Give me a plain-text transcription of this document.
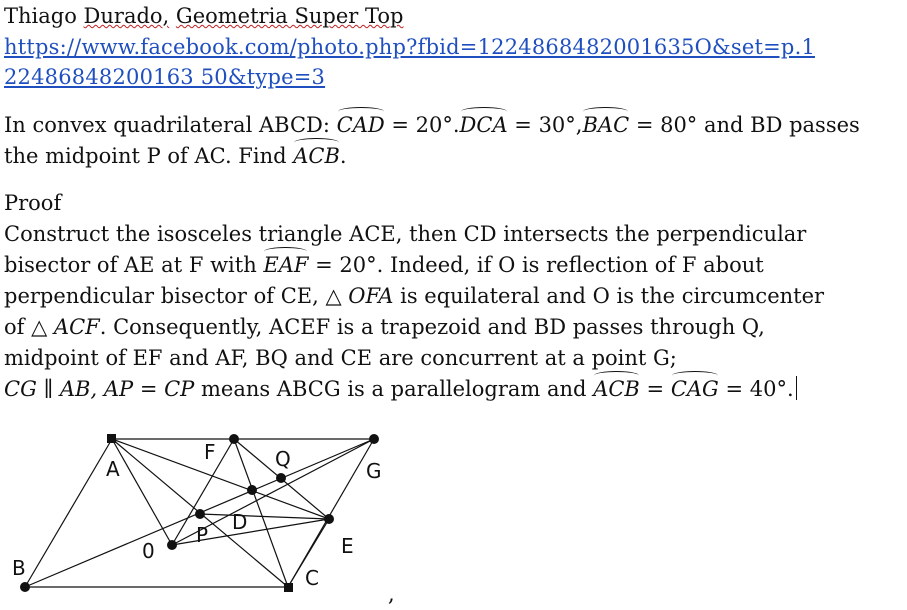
Thiago Durado, Geometria Super Top
https://www.facebook.com/photo.php?fbid=1224868482001635O&set=p.1
22486848200163 50&type=3
In convex quadrilateral ABCD: CAD = 20°.DCA = 30°,BAC = 80° and BD passes
the midpoint P of AC. Find ACB.
Proof
Construct the isosceles triangle ACE, then CD intersects the perpendicular
bisector of AE at F with EAF = 20°. Indeed, if O is reflection of F about
perpendicular bisector of CE, △ OFA is equilateral and O is the circumcenter
of △ ACF. Consequently, ACEF is a trapezoid and BD passes through Q,
midpoint of EF and AF, BQ and CE are concurrent at a point G;
CG ∥ AB, AP = CP means ABCG is a parallelogram and ACB = CAG = 40°.
A
B	C
D
E
F
G
0
P
Q
,
